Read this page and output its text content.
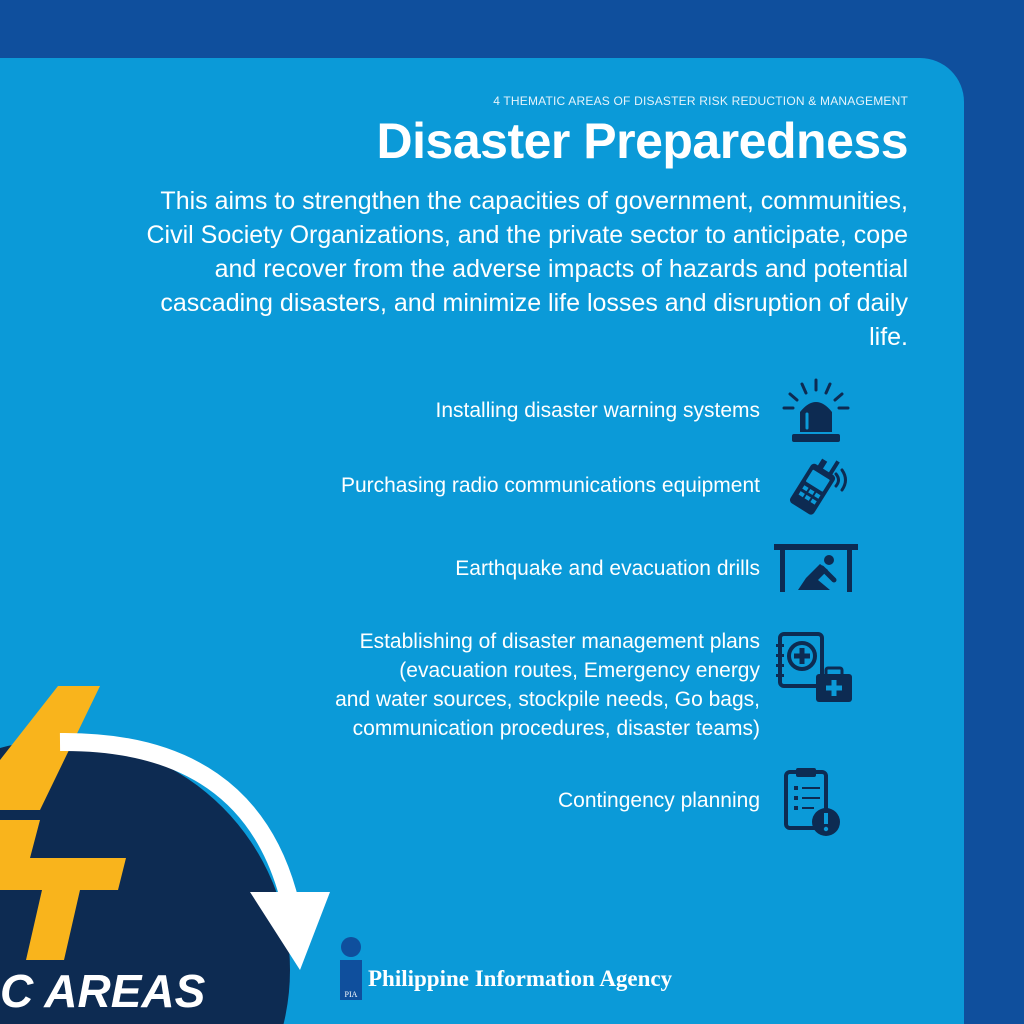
C AREAS
4 THEMATIC AREAS OF DISASTER RISK REDUCTION & MANAGEMENT
Disaster Preparedness
This aims to strengthen the capacities of government, communities, Civil Society Organizations, and the private sector to anticipate, cope and recover from the adverse impacts of hazards and potential cascading disasters, and minimize life losses and disruption of daily life.
Installing disaster warning systems
Purchasing radio communications equipment
Earthquake and evacuation drills
Establishing of disaster management plans
(evacuation routes, Emergency energy
and water sources, stockpile needs, Go bags,
communication procedures, disaster teams)
Contingency planning
PIA
Philippine Information Agency
